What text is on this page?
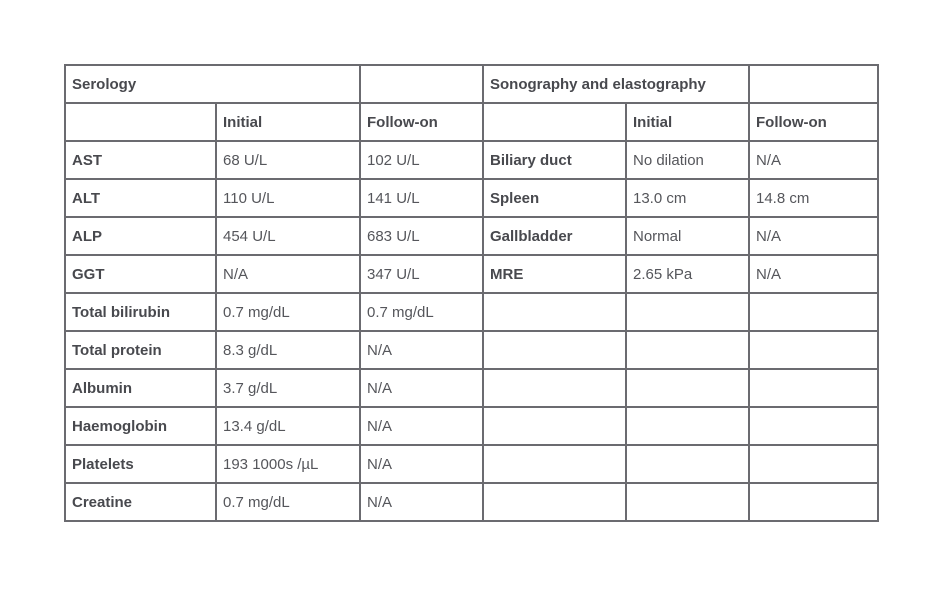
Serology			Sonography and elastography		
	Initial	Follow-on		Initial	Follow-on
AST	68 U/L	102 U/L	Biliary duct	No dilation	N/A
ALT	110 U/L	141 U/L	Spleen	13.0 cm	14.8 cm
ALP	454 U/L	683 U/L	Gallbladder	Normal	N/A
GGT	N/A	347 U/L	MRE	2.65 kPa	N/A
Total bilirubin	0.7 mg/dL	0.7 mg/dL			
Total protein	8.3 g/dL	N/A			
Albumin	3.7 g/dL	N/A			
Haemoglobin	13.4 g/dL	N/A			
Platelets	193 1000s /µL	N/A			
Creatine	0.7 mg/dL	N/A			
